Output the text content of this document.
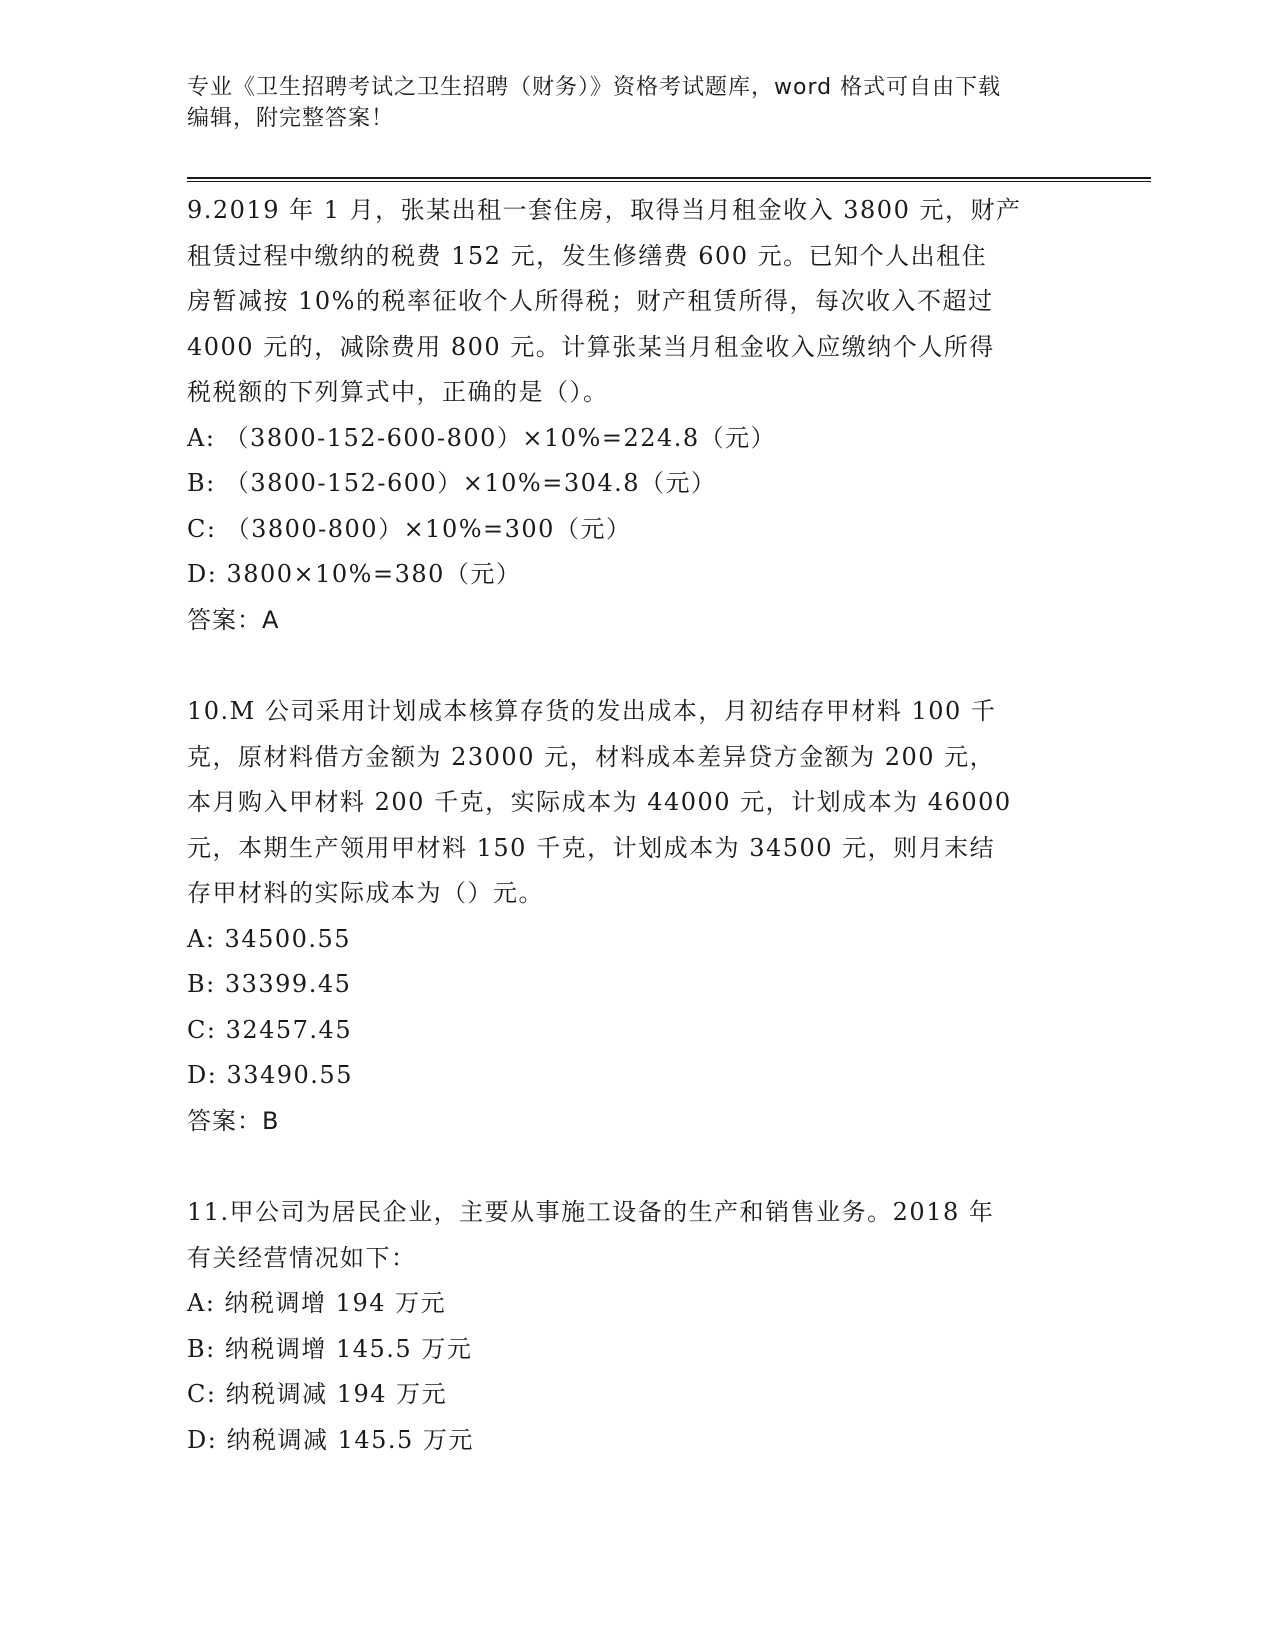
专业《卫生招聘考试之卫生招聘（财务）》资格考试题库，word 格式可自由下载
编辑，附完整答案！
9.2019 年 1 月，张某出租一套住房，取得当月租金收入 3800 元，财产
租赁过程中缴纳的税费 152 元，发生修缮费 600 元。已知个人出租住
房暂减按 10%的税率征收个人所得税；财产租赁所得，每次收入不超过
4000 元的，减除费用 800 元。计算张某当月租金收入应缴纳个人所得
税税额的下列算式中，正确的是（）。
A: （3800-152-600-800）×10%=224.8（元）
B: （3800-152-600）×10%=304.8（元）
C: （3800-800）×10%=300（元）
D: 3800×10%=380（元）
答案：A
10.M 公司采用计划成本核算存货的发出成本，月初结存甲材料 100 千
克，原材料借方金额为 23000 元，材料成本差异贷方金额为 200 元，
本月购入甲材料 200 千克，实际成本为 44000 元，计划成本为 46000
元，本期生产领用甲材料 150 千克，计划成本为 34500 元，则月末结
存甲材料的实际成本为（）元。
A: 34500.55
B: 33399.45
C: 32457.45
D: 33490.55
答案：B
11.甲公司为居民企业，主要从事施工设备的生产和销售业务。2018 年
有关经营情况如下：
A: 纳税调增 194 万元
B: 纳税调增 145.5 万元
C: 纳税调减 194 万元
D: 纳税调减 145.5 万元
